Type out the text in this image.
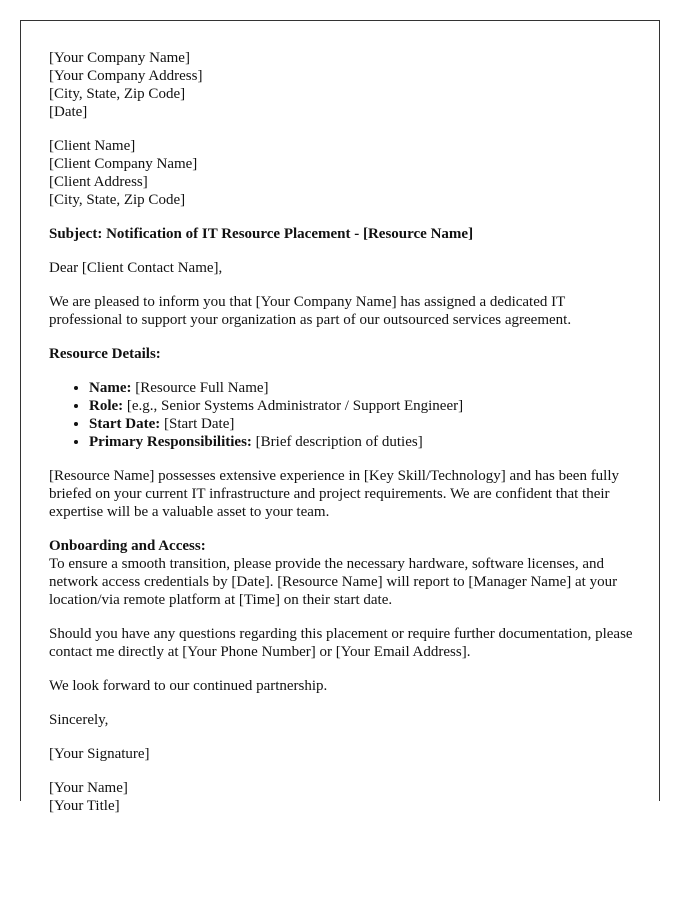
[Your Company Name]
[Your Company Address]
[City, State, Zip Code]
[Date]
[Client Name]
[Client Company Name]
[Client Address]
[City, State, Zip Code]

Subject: Notification of IT Resource Placement - [Resource Name]

Dear [Client Contact Name],

We are pleased to inform you that [Your Company Name] has assigned a dedicated IT professional to support your organization as part of our outsourced services agreement.

Resource Details:

• Name: [Resource Full Name]
• Role: [e.g., Senior Systems Administrator / Support Engineer]
• Start Date: [Start Date]
• Primary Responsibilities: [Brief description of duties]

[Resource Name] possesses extensive experience in [Key Skill/Technology] and has been fully briefed on your current IT infrastructure and project requirements. We are confident that their expertise will be a valuable asset to your team.

Onboarding and Access:
To ensure a smooth transition, please provide the necessary hardware, software licenses, and network access credentials by [Date]. [Resource Name] will report to [Manager Name] at your location/via remote platform at [Time] on their start date.

Should you have any questions regarding this placement or require further documentation, please contact me directly at [Your Phone Number] or [Your Email Address].

We look forward to our continued partnership.

Sincerely,

[Your Signature]

[Your Name]
[Your Title]
